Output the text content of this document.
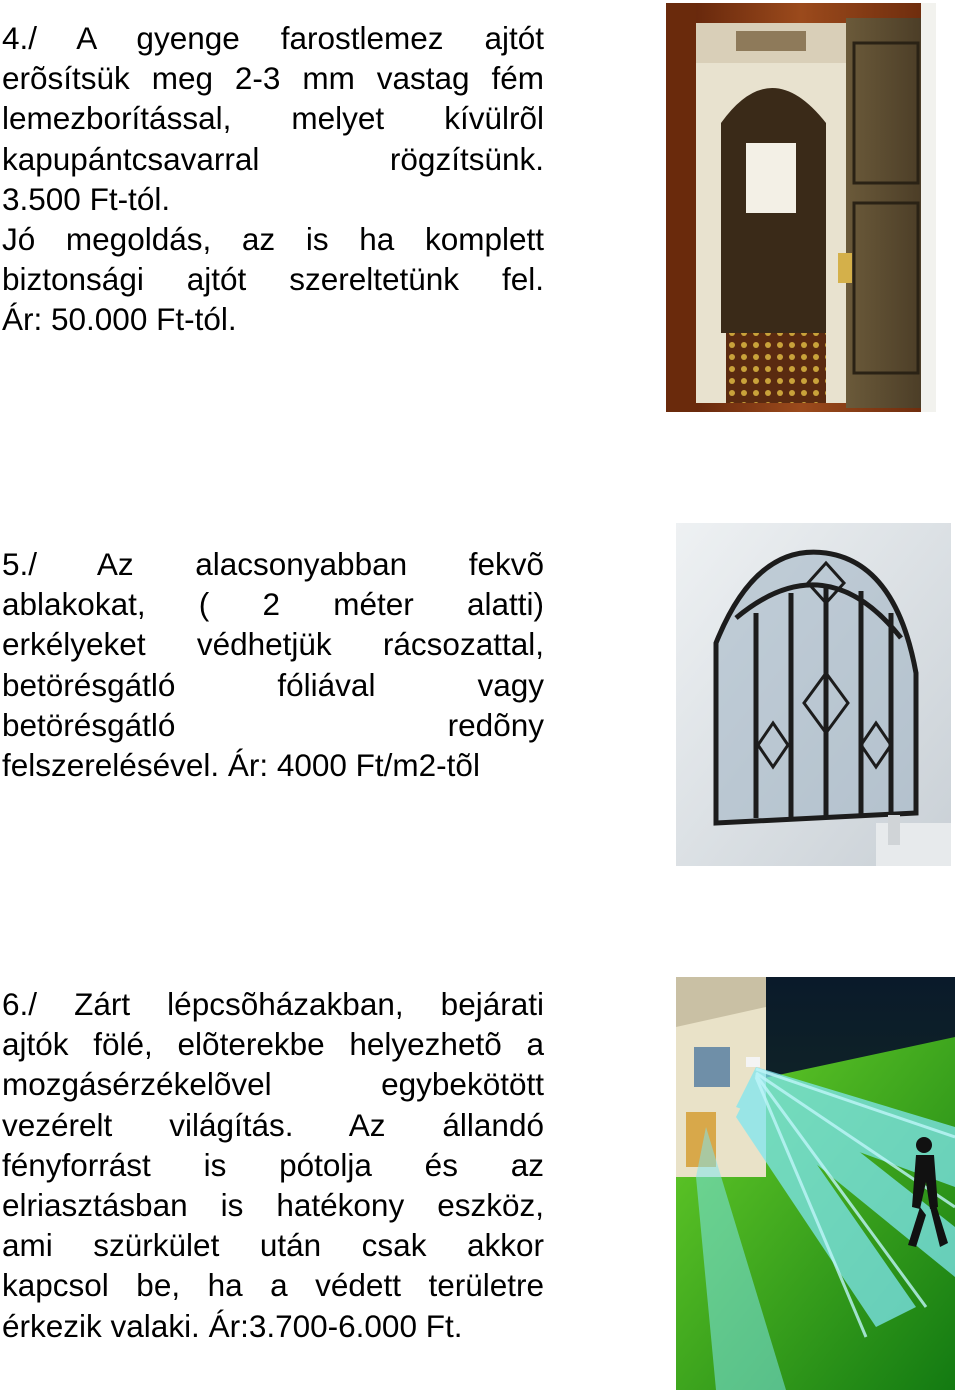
4./ A gyenge farostlemez ajtót

erõsítsük meg 2-3 mm vastag fém

lemezborítással, melyet kívülrõl

kapupántcsavarral rögzítsünk.

3.500 Ft-tól.

Jó megoldás, az is ha komplett

biztonsági ajtót szereltetünk fel.

Ár: 50.000 Ft-tól.

5./ Az alacsonyabban fekvõ

ablakokat, ( 2 méter alatti)

erkélyeket védhetjük rácsozattal,

betörésgátló fóliával vagy

betörésgátló redõny

felszerelésével. Ár: 4000 Ft/m2-tõl

6./ Zárt lépcsõházakban, bejárati

ajtók fölé, elõterekbe helyezhetõ a

mozgásérzékelõvel egybekötött

vezérelt világítás. Az állandó

fényforrást is pótolja és az

elriasztásban is hatékony eszköz,

ami szürkület után csak akkor

kapcsol be, ha a védett területre

érkezik valaki. Ár:3.700-6.000 Ft.
